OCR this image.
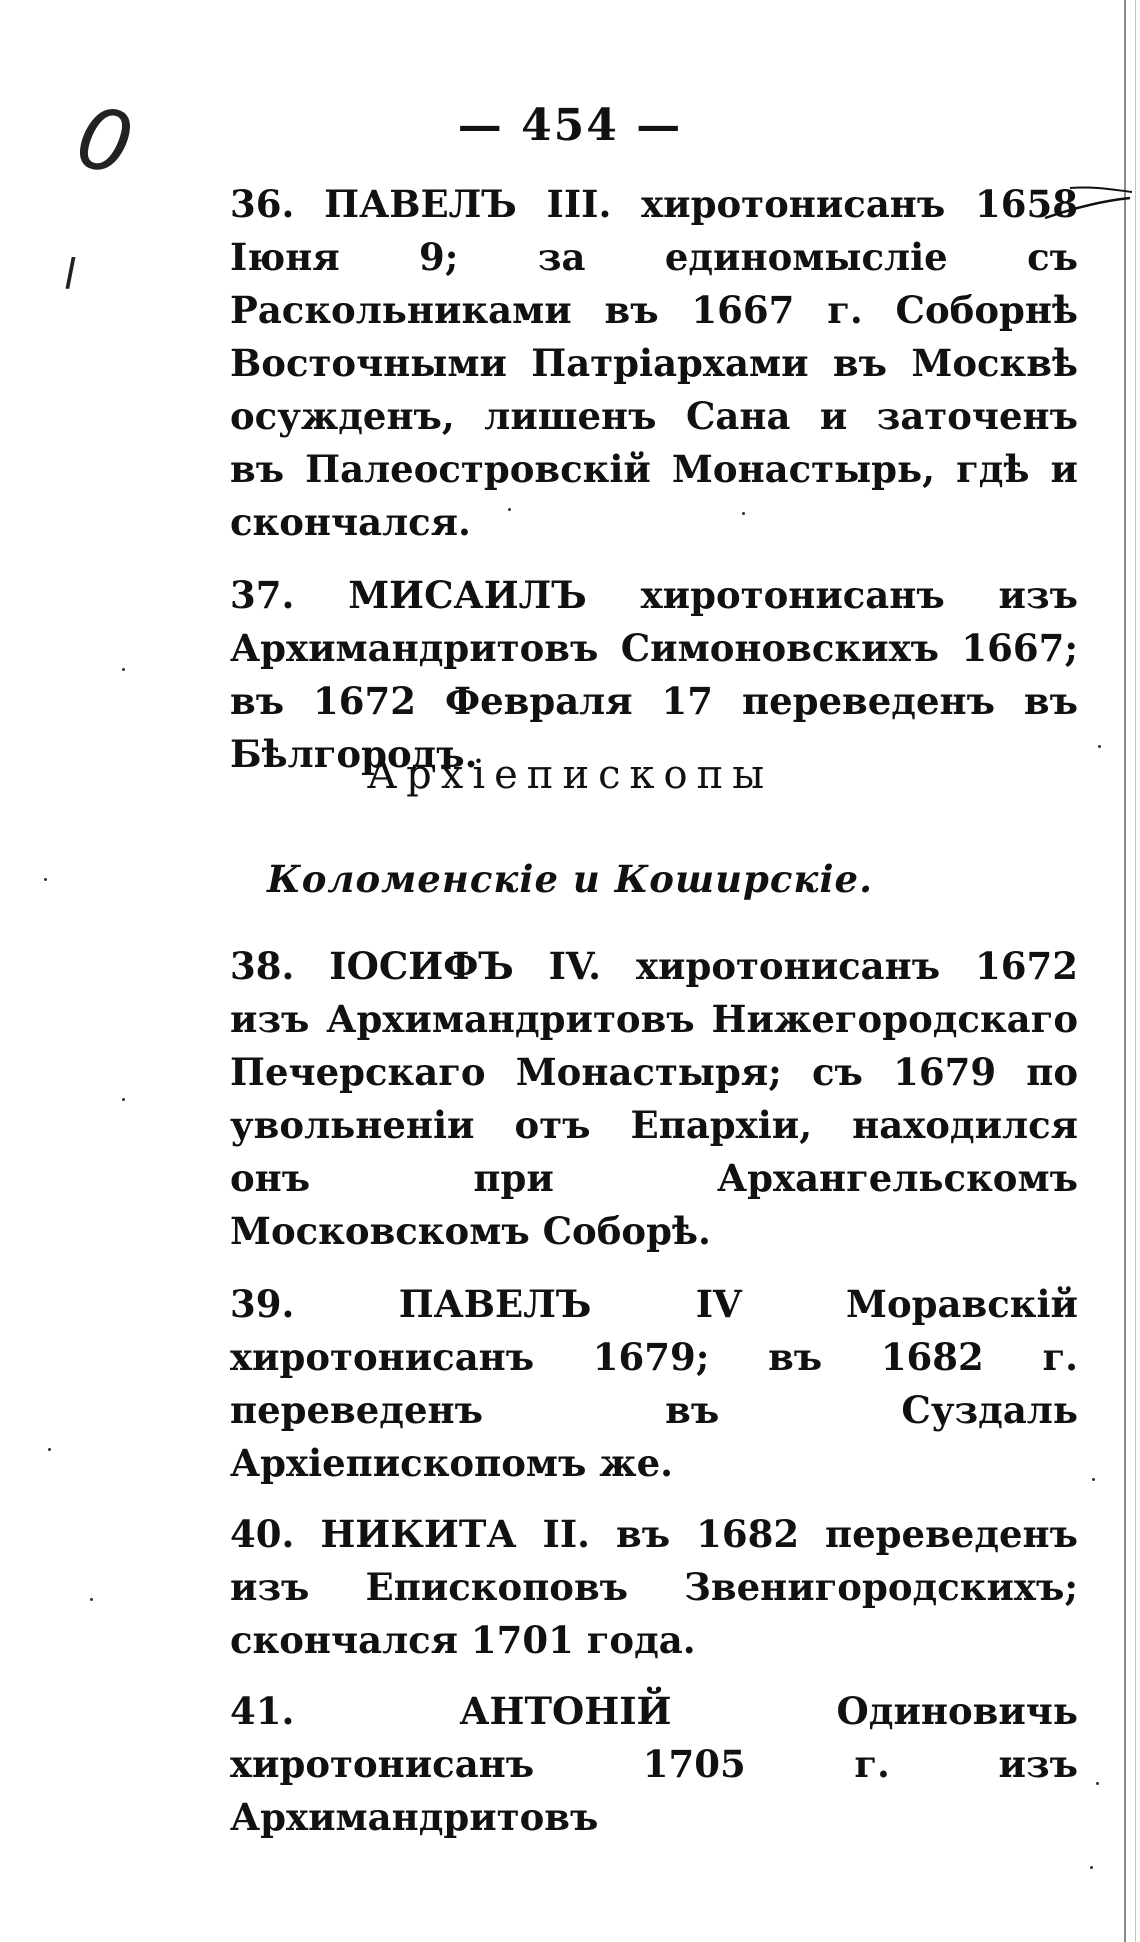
0
l
— 454 —

36. ПАВЕЛЪ III. хиротонисанъ 1658 Іюня 9; за единомысліе съ Раскольниками въ 1667 г. Соборнѣ Восточными Патріархами въ Москвѣ осужденъ, лишенъ Сана и заточенъ въ Палеостровскій Монастырь, гдѣ и скончался.

37. МИСАИЛЪ хиротонисанъ изъ Архимандритовъ Симоновскихъ 1667; въ 1672 Февраля 17 переведенъ въ Бѣлгородъ.

Архіепископы
Коломенскіе и Коширскіе.

38. ІОСИФЪ IV. хиротонисанъ 1672 изъ Архимандритовъ Нижегородскаго Печерскаго Монастыря; съ 1679 по увольненіи отъ Епархіи, находился онъ при Архангельскомъ Московскомъ Соборѣ.

39. ПАВЕЛЪ IV Моравскій хиротонисанъ 1679; въ 1682 г. переведенъ въ Суздаль Архіепископомъ же.

40. НИКИТА II. въ 1682 переведенъ изъ Епископовъ Звенигородскихъ; скончался 1701 года.

41. АНТОНІЙ Одиновичь хиротонисанъ 1705 г. изъ Архимандритовъ
